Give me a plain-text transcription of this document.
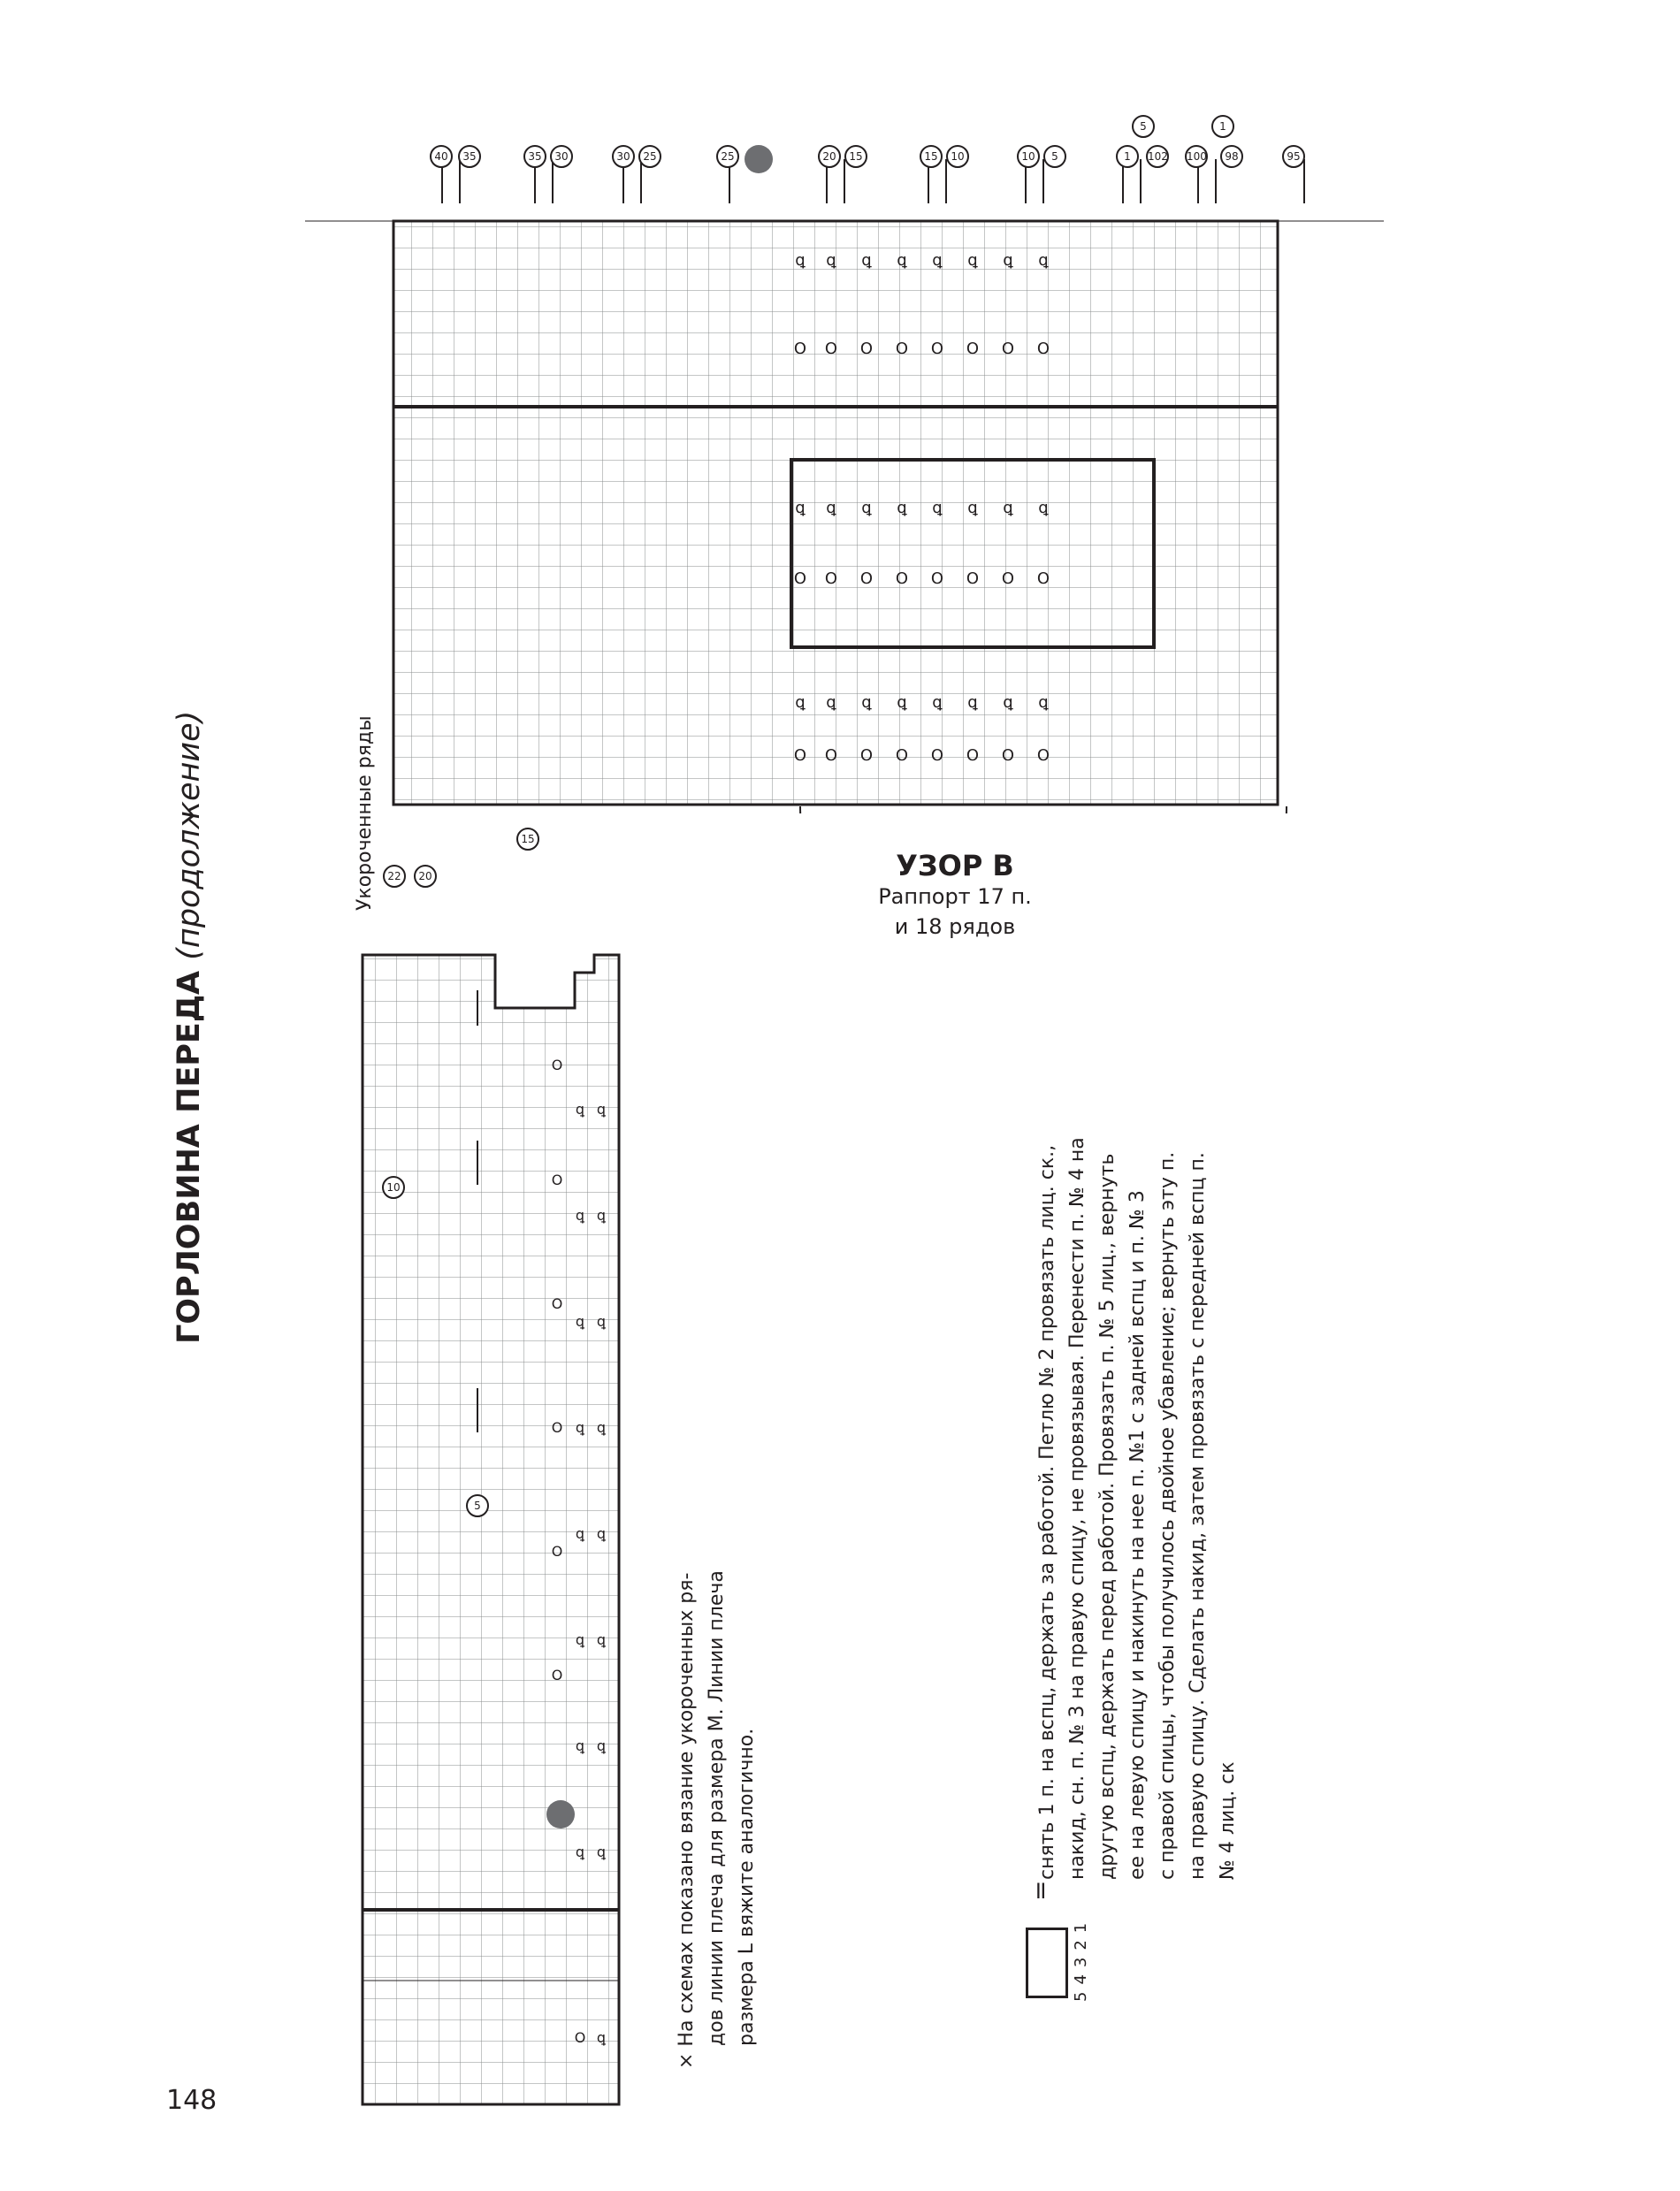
148
ГОРЛОВИНА ПЕРЕДА (продолжение)
ꝗ ꝗ
ꝗ ꝗ
ꝗ ꝗ
ꝗ ꝗ
ꝗ ꝗ
ꝗ ꝗ
ꝗ ꝗ
ꝗ ꝗ
ꝗ
O
O
O
O
O
O
O
Укороченные ряды	15
22	20
10
5
ꝗ ꝗ ꝗ ꝗ ꝗ ꝗ ꝗ ꝗ
O O O O O O O O
ꝗ ꝗ ꝗ ꝗ ꝗ ꝗ ꝗ ꝗ
O O O O O O O O
ꝗ ꝗ ꝗ ꝗ ꝗ ꝗ ꝗ ꝗ
O O O O O O O O
40	35	35	30	30	25	25	20	15	15	10	10	5	1
5
102 100
1
98	95
УЗОР В
Раппорт 17 п.
и 18 рядов
× На схемах показано вязание укороченных ря- дов линии плеча для размера М. Линии плеча размера L вяжите аналогично.	54321
=
снять 1 п. на вспц, держать за работой. Петлю № 2 провязать лиц. ск., накид, сн. п. № 3 на правую спицу, не провязывая. Перенести п. № 4 на другую вспц, держать перед работой. Провязать п. № 5 лиц., вернуть ее на левую спицу и накинуть на нее п. №1 с задней вспц и п. № 3 с правой спицы, чтобы получилось двойное убавление; вернуть эту п. на правую спицу. Сделать накид, затем провязать с передней вспц п. № 4 лиц. ск
